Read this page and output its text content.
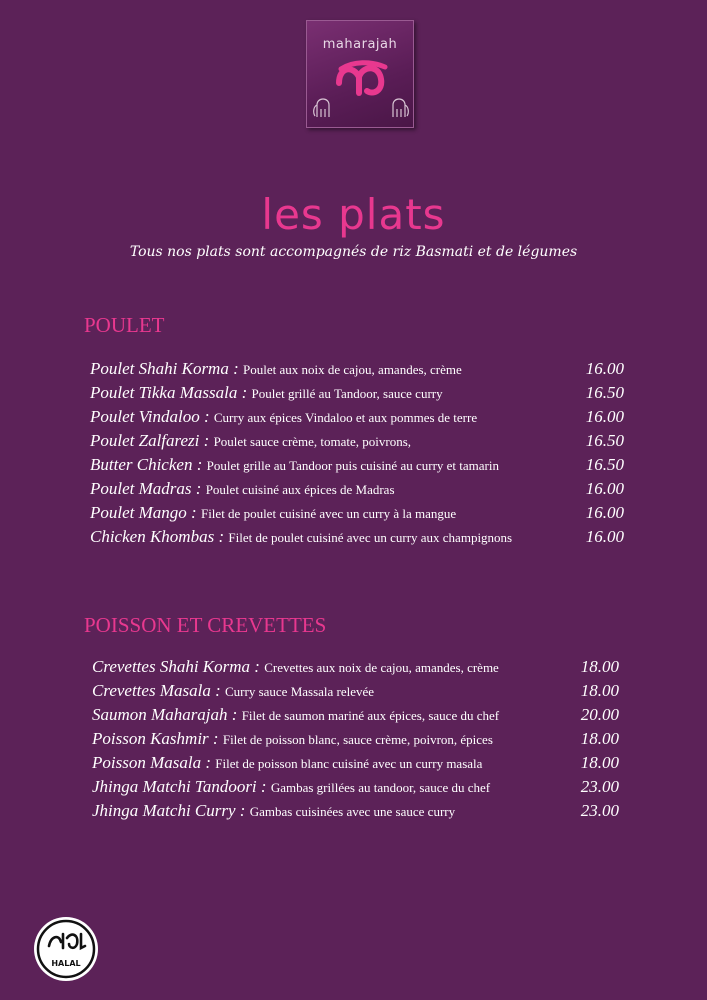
maharajah
les plats
Tous nos plats sont accompagnés de riz Basmati et de légumes
POULET
Poulet Shahi Korma : Poulet aux noix de cajou, amandes, crème	16.00
Poulet Tikka Massala : Poulet grillé au Tandoor, sauce curry	16.50
Poulet Vindaloo : Curry aux épices Vindaloo et aux pommes de terre	16.00
Poulet Zalfarezi : Poulet sauce crème, tomate, poivrons,	16.50
Butter Chicken : Poulet grille au Tandoor puis cuisiné au curry et tamarin	16.50
Poulet Madras : Poulet cuisiné aux épices de Madras	16.00
Poulet Mango : Filet de poulet cuisiné avec un curry à la mangue	16.00
Chicken Khombas : Filet de poulet cuisiné avec un curry aux champignons	16.00
POISSON ET CREVETTES
Crevettes Shahi Korma : Crevettes aux noix de cajou, amandes, crème	18.00
Crevettes Masala : Curry sauce Massala relevée	18.00
Saumon Maharajah : Filet de saumon mariné aux épices, sauce du chef	20.00
Poisson Kashmir : Filet de poisson blanc, sauce crème, poivron, épices	18.00
Poisson Masala : Filet de poisson blanc cuisiné avec un curry masala	18.00
Jhinga Matchi Tandoori : Gambas grillées au tandoor, sauce du chef	23.00
Jhinga Matchi Curry : Gambas cuisinées avec une sauce curry	23.00
HALAL
